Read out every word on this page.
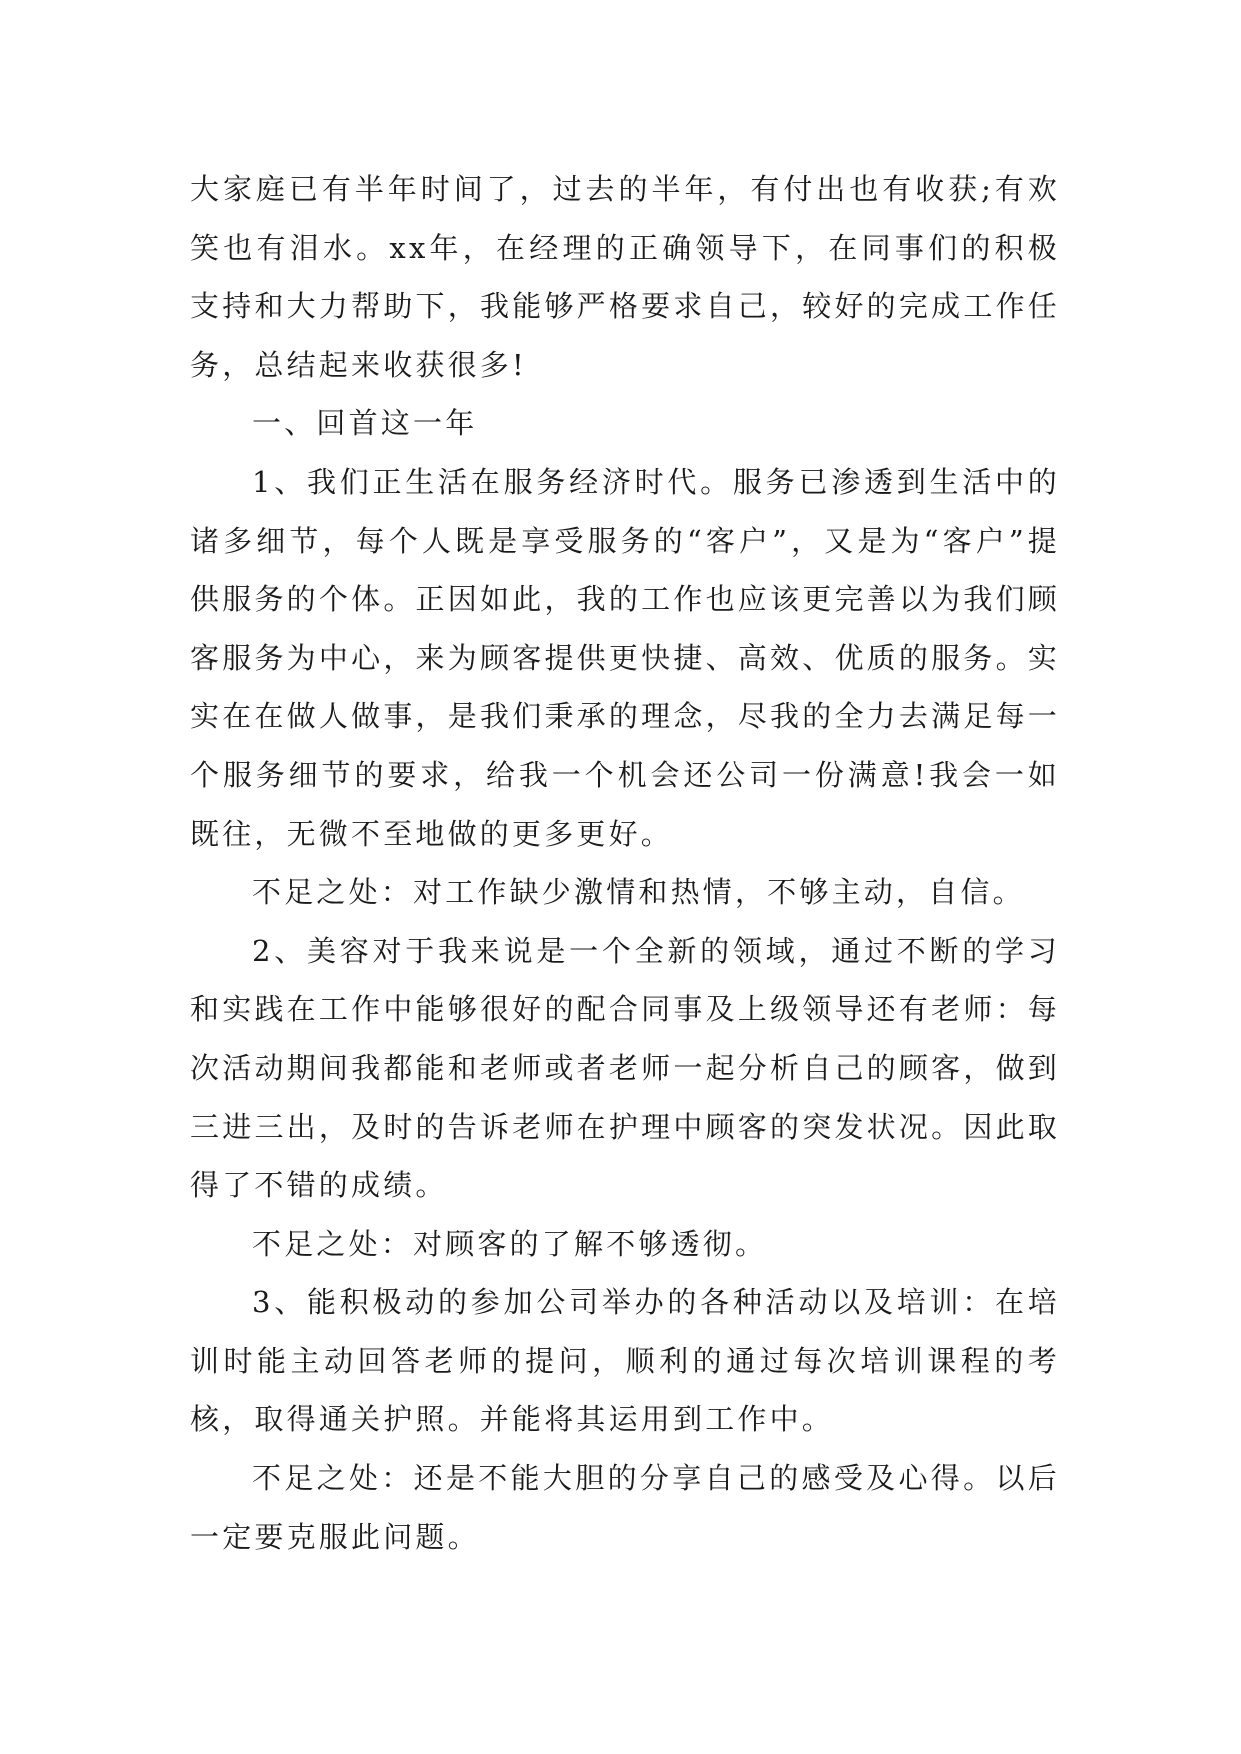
大家庭已有半年时间了，过去的半年，有付出也有收获;有欢笑也有泪水。xx年，在经理的正确领导下，在同事们的积极支持和大力帮助下，我能够严格要求自己，较好的完成工作任务，总结起来收获很多!

一、回首这一年

1、我们正生活在服务经济时代。服务已渗透到生活中的诸多细节，每个人既是享受服务的“客户”，又是为“客户”提供服务的个体。正因如此，我的工作也应该更完善以为我们顾客服务为中心，来为顾客提供更快捷、高效、优质的服务。实实在在做人做事，是我们秉承的理念，尽我的全力去满足每一个服务细节的要求，给我一个机会还公司一份满意!我会一如既往，无微不至地做的更多更好。

不足之处：对工作缺少激情和热情，不够主动，自信。

2、美容对于我来说是一个全新的领域，通过不断的学习和实践在工作中能够很好的配合同事及上级领导还有老师：每次活动期间我都能和老师或者老师一起分析自己的顾客，做到三进三出，及时的告诉老师在护理中顾客的突发状况。因此取得了不错的成绩。

不足之处：对顾客的了解不够透彻。

3、能积极动的参加公司举办的各种活动以及培训：在培训时能主动回答老师的提问，顺利的通过每次培训课程的考核，取得通关护照。并能将其运用到工作中。

不足之处：还是不能大胆的分享自己的感受及心得。以后一定要克服此问题。
